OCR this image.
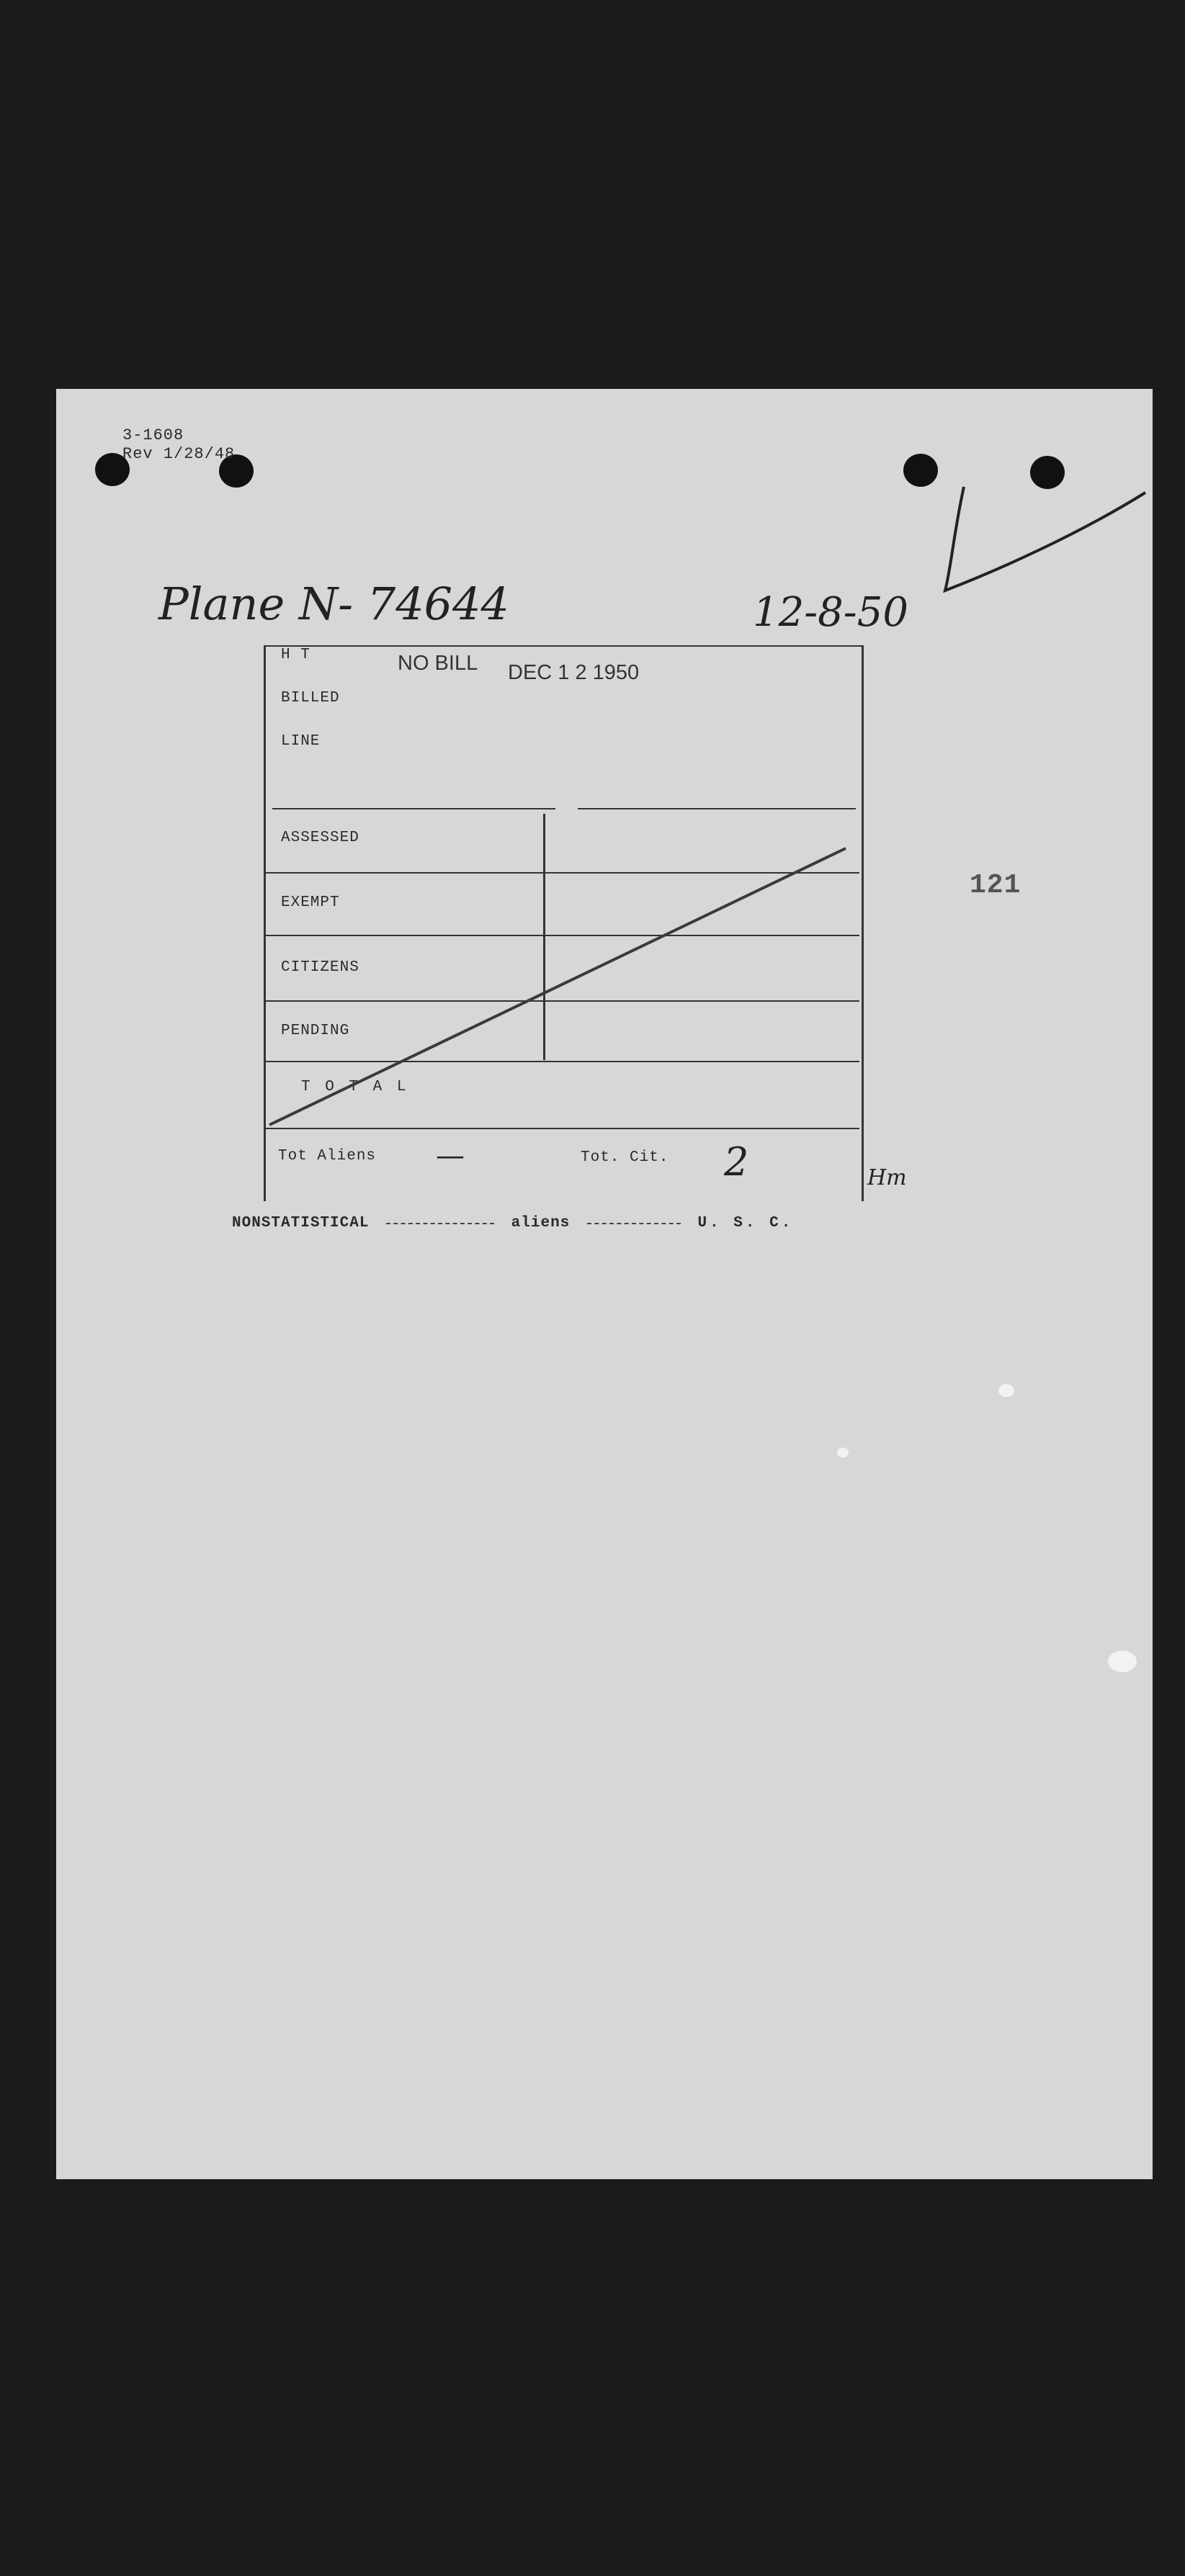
3-1608
Rev 1/28/48
Plane N- 74644	12-8-50
NO BILL DEC 1 2 1950
121
H T
BILLED
LINE
ASSESSED
EXEMPT
CITIZENS
PENDING
T O T A L
Tot Aliens —	Tot. Cit. 2	Hm
NONSTATISTICAL	aliens	U. S. C.
